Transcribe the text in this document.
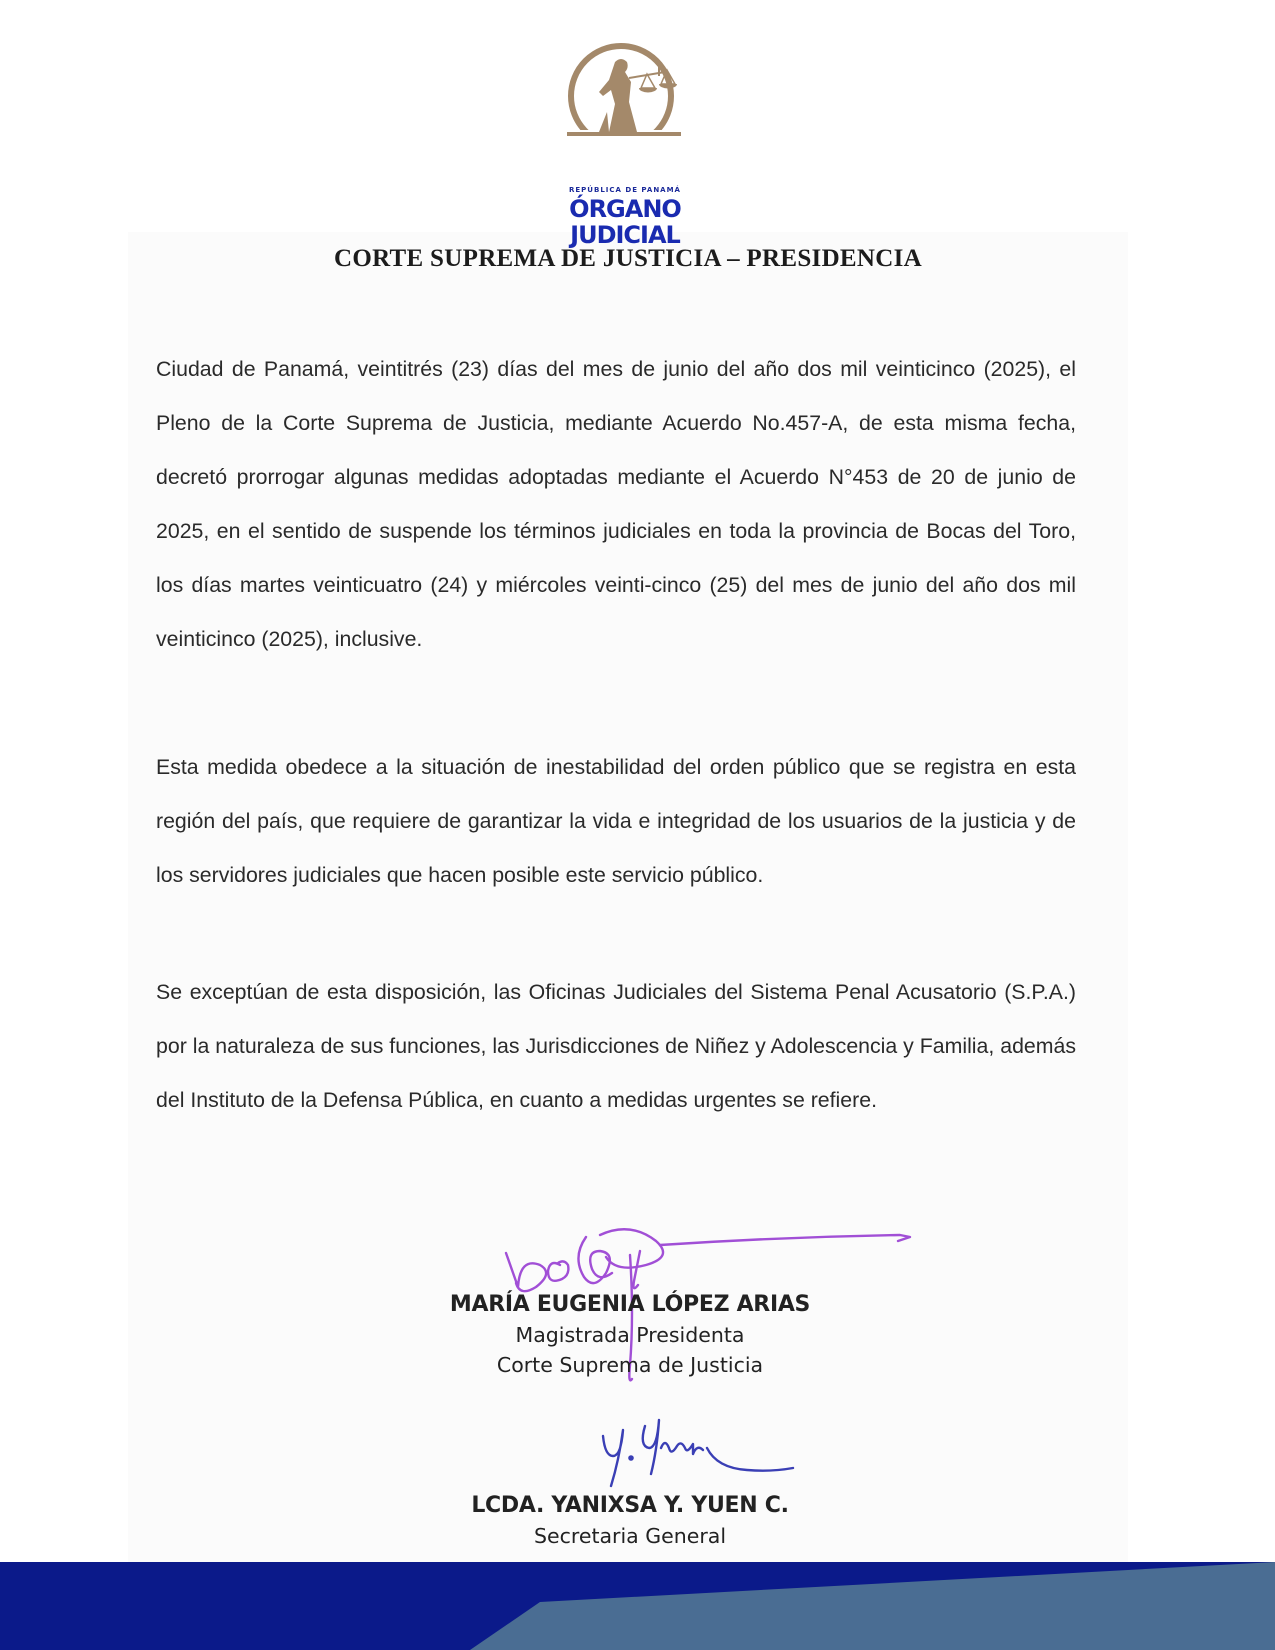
REPÚBLICA DE PANAMÁ
ÓRGANO
JUDICIAL
CORTE SUPREMA DE JUSTICIA – PRESIDENCIA

Ciudad de Panamá, veintitrés (23) días del mes de junio del año dos mil veinticinco (2025), el Pleno de la Corte Suprema de Justicia, mediante Acuerdo No.457-A, de esta misma fecha, decretó prorrogar algunas medidas adoptadas mediante el Acuerdo N°453 de 20 de junio de 2025, en el sentido de suspende los términos judiciales en toda la provincia de Bocas del Toro, los días martes veinticuatro (24) y miércoles veinti-cinco (25) del mes de junio del año dos mil veinticinco (2025), inclusive.

Esta medida obedece a la situación de inestabilidad del orden público que se registra en esta región del país, que requiere de garantizar la vida e integridad de los usuarios de la justicia y de los servidores judiciales que hacen posible este servicio público.

Se exceptúan de esta disposición, las Oficinas Judiciales del Sistema Penal Acusatorio (S.P.A.) por la naturaleza de sus funciones, las Jurisdicciones de Niñez y Adolescencia y Familia, además del Instituto de la Defensa Pública, en cuanto a medidas urgentes se refiere.

MARÍA EUGENIA LÓPEZ ARIAS
Magistrada Presidenta
Corte Suprema de Justicia
LCDA. YANIXSA Y. YUEN C.
Secretaria General
